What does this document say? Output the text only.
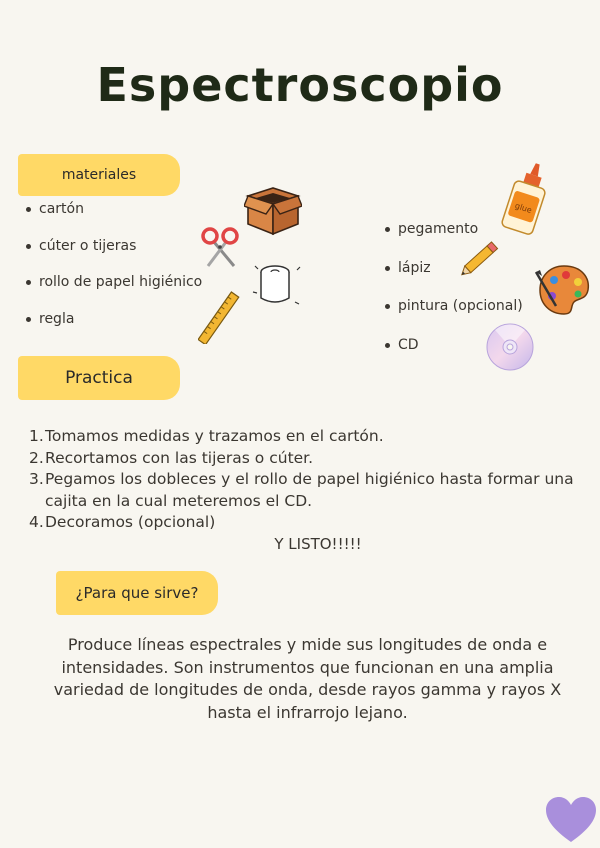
Espectroscopio
materiales
cartón
cúter o tijeras
rollo de papel higiénico
regla
pegamento
lápiz
pintura (opcional)
CD
glue
Practica
1. Tomamos medidas y trazamos en el cartón.
2. Recortamos con las tijeras o cúter.
3. Pegamos los dobleces y el rollo de papel higiénico hasta formar una cajita en la cual meteremos el CD.
4. Decoramos (opcional)
Y LISTO!!!!!
¿Para que sirve?

Produce líneas espectrales y mide sus longitudes de onda e intensidades. Son instrumentos que funcionan en una amplia variedad de longitudes de onda, desde rayos gamma y rayos X hasta el infrarrojo lejano.
